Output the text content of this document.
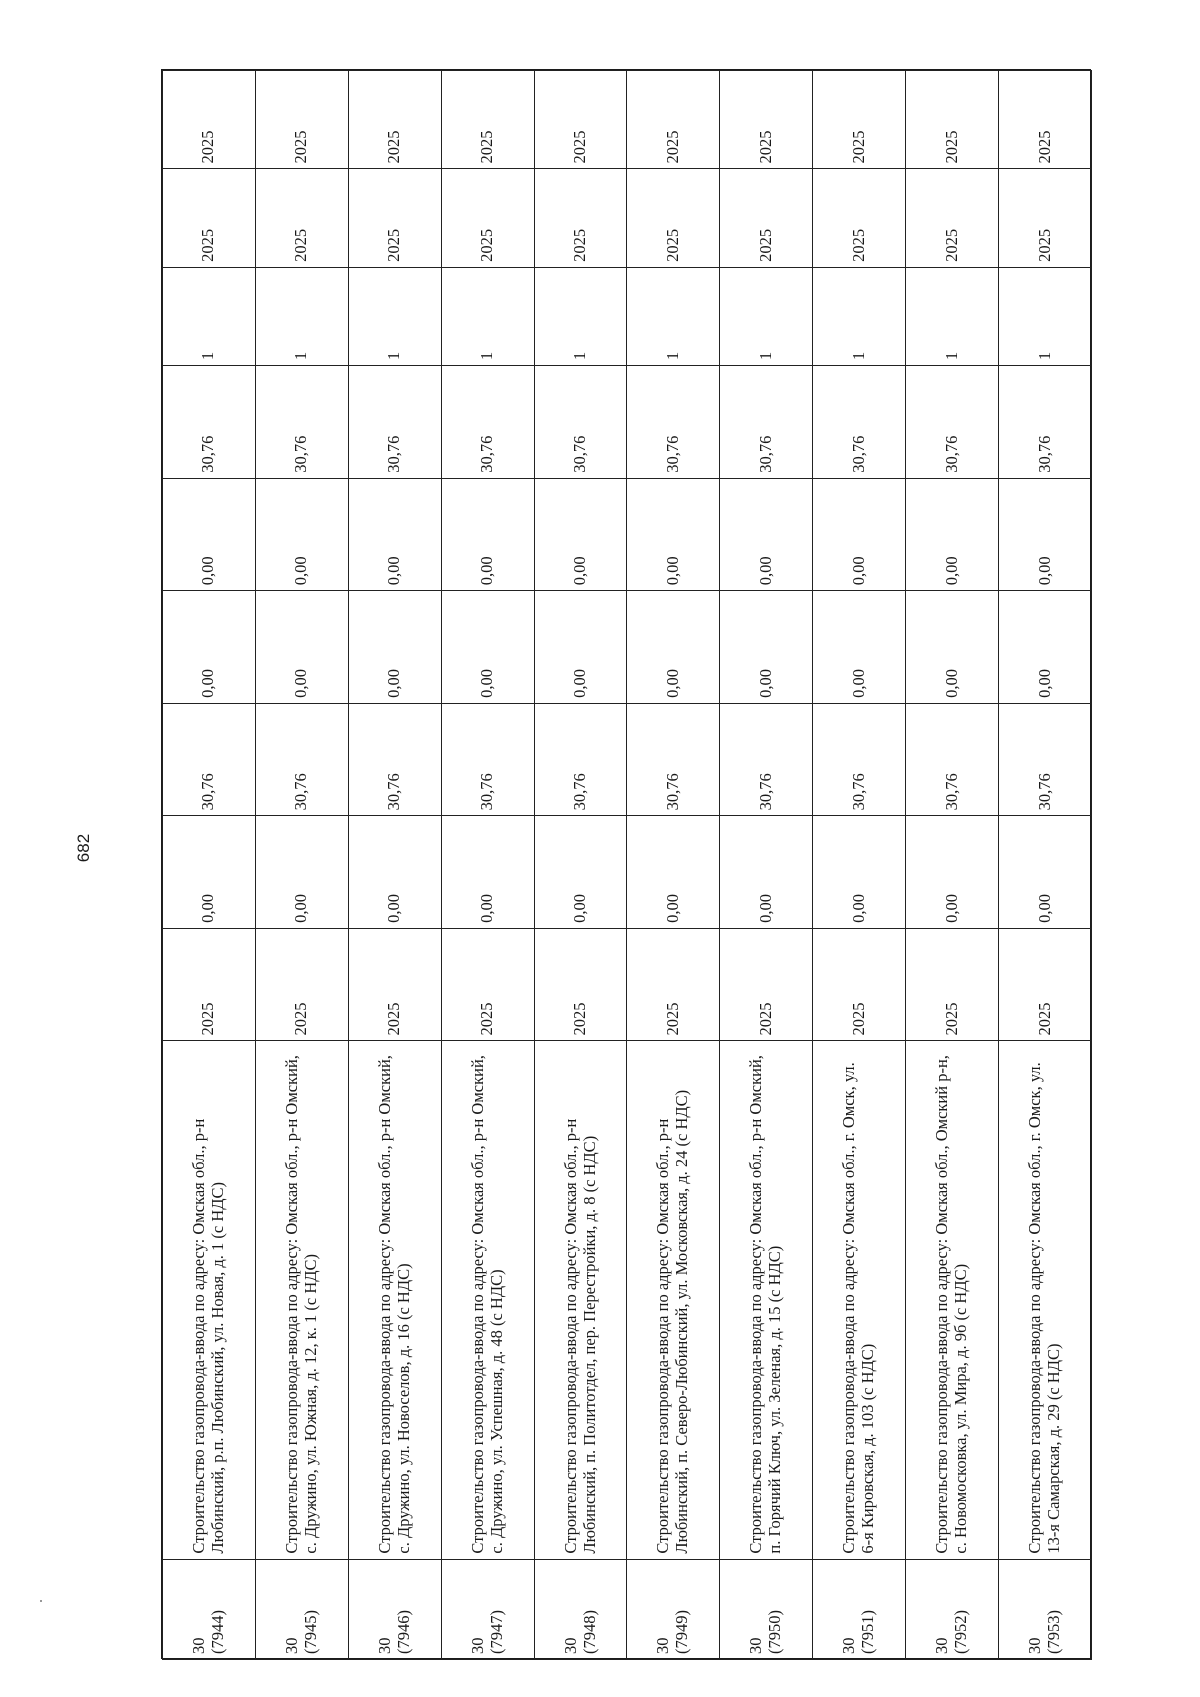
682
30 (7944)	Строительство газопровода-ввода по адресу: Омская обл., р-н Любинский, р.п. Любинский, ул. Новая, д. 1 (с НДС)	2025	0,00	30,76	0,00	0,00	30,76	1	2025	2025

30 (7945)	Строительство газопровода-ввода по адресу: Омская обл., р-н Омский, с. Дружино, ул. Южная, д. 12, к. 1 (с НДС)	2025	0,00	30,76	0,00	0,00	30,76	1	2025	2025

30 (7946)	Строительство газопровода-ввода по адресу: Омская обл., р-н Омский, с. Дружино, ул. Новоселов, д. 16 (с НДС)	2025	0,00	30,76	0,00	0,00	30,76	1	2025	2025

30 (7947)	Строительство газопровода-ввода по адресу: Омская обл., р-н Омский, с. Дружино, ул. Успешная, д. 48 (с НДС)	2025	0,00	30,76	0,00	0,00	30,76	1	2025	2025

30 (7948)	Строительство газопровода-ввода по адресу: Омская обл., р-н Любинский, п. Политотдел, пер. Перестройки, д. 8 (с НДС)	2025	0,00	30,76	0,00	0,00	30,76	1	2025	2025

30 (7949)	Строительство газопровода-ввода по адресу: Омская обл., р-н Любинский, п. Северо-Любинский, ул. Московская, д. 24 (с НДС)	2025	0,00	30,76	0,00	0,00	30,76	1	2025	2025

30 (7950)	Строительство газопровода-ввода по адресу: Омская обл., р-н Омский, п. Горячий Ключ, ул. Зеленая, д. 15 (с НДС)	2025	0,00	30,76	0,00	0,00	30,76	1	2025	2025

30 (7951)	Строительство газопровода-ввода по адресу: Омская обл., г. Омск, ул. 6-я Кировская, д. 103 (с НДС)	2025	0,00	30,76	0,00	0,00	30,76	1	2025	2025

30 (7952)	Строительство газопровода-ввода по адресу: Омская обл., Омский р-н, с. Новомосковка, ул. Мира, д. 9б (с НДС)	2025	0,00	30,76	0,00	0,00	30,76	1	2025	2025

30 (7953)	Строительство газопровода-ввода по адресу: Омская обл., г. Омск, ул. 13-я Самарская, д. 29 (с НДС)	2025	0,00	30,76	0,00	0,00	30,76	1	2025	2025
